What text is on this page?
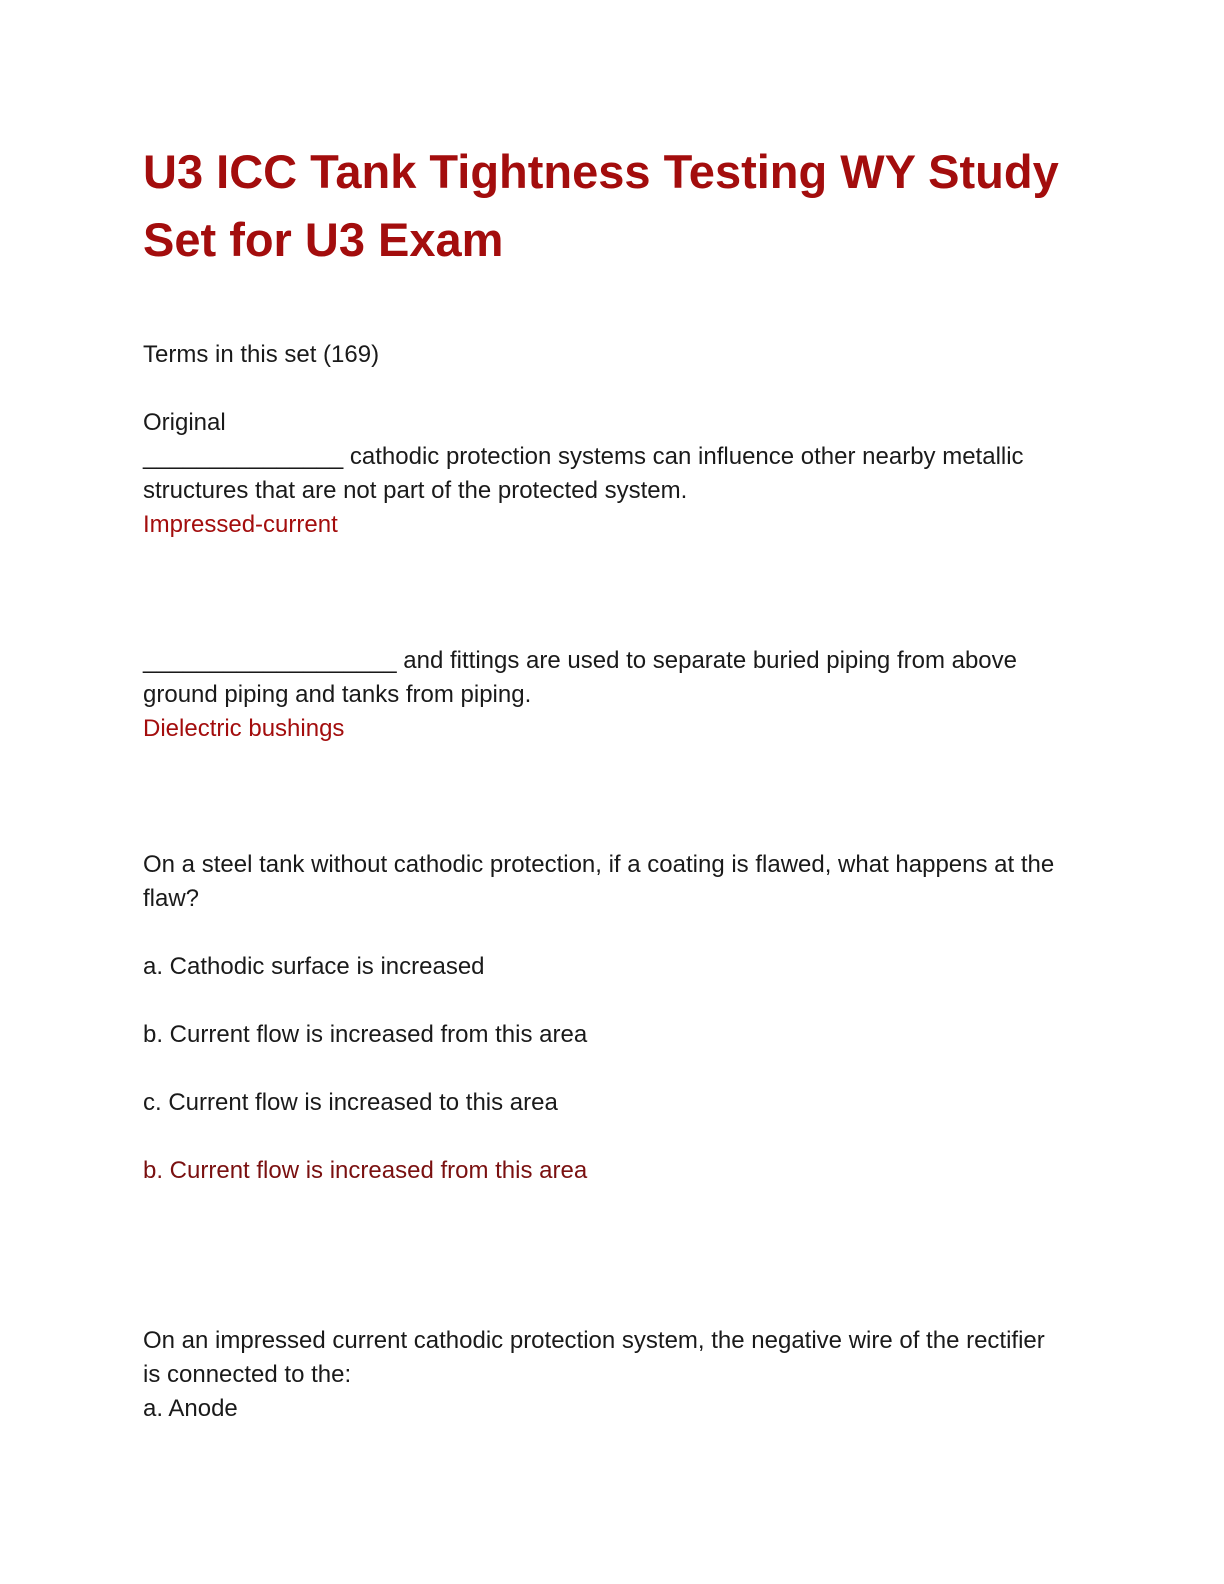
U3 ICC Tank Tightness Testing WY Study Set for U3 Exam

Terms in this set (169)

Original

_______________ cathodic protection systems can influence other nearby metallic structures that are not part of the protected system.

Impressed-current

___________________ and fittings are used to separate buried piping from above ground piping and tanks from piping.

Dielectric bushings

On a steel tank without cathodic protection, if a coating is flawed, what happens at the flaw?

a. Cathodic surface is increased

b. Current flow is increased from this area

c. Current flow is increased to this area

b. Current flow is increased from this area

On an impressed current cathodic protection system, the negative wire of the rectifier is connected to the:

a. Anode
